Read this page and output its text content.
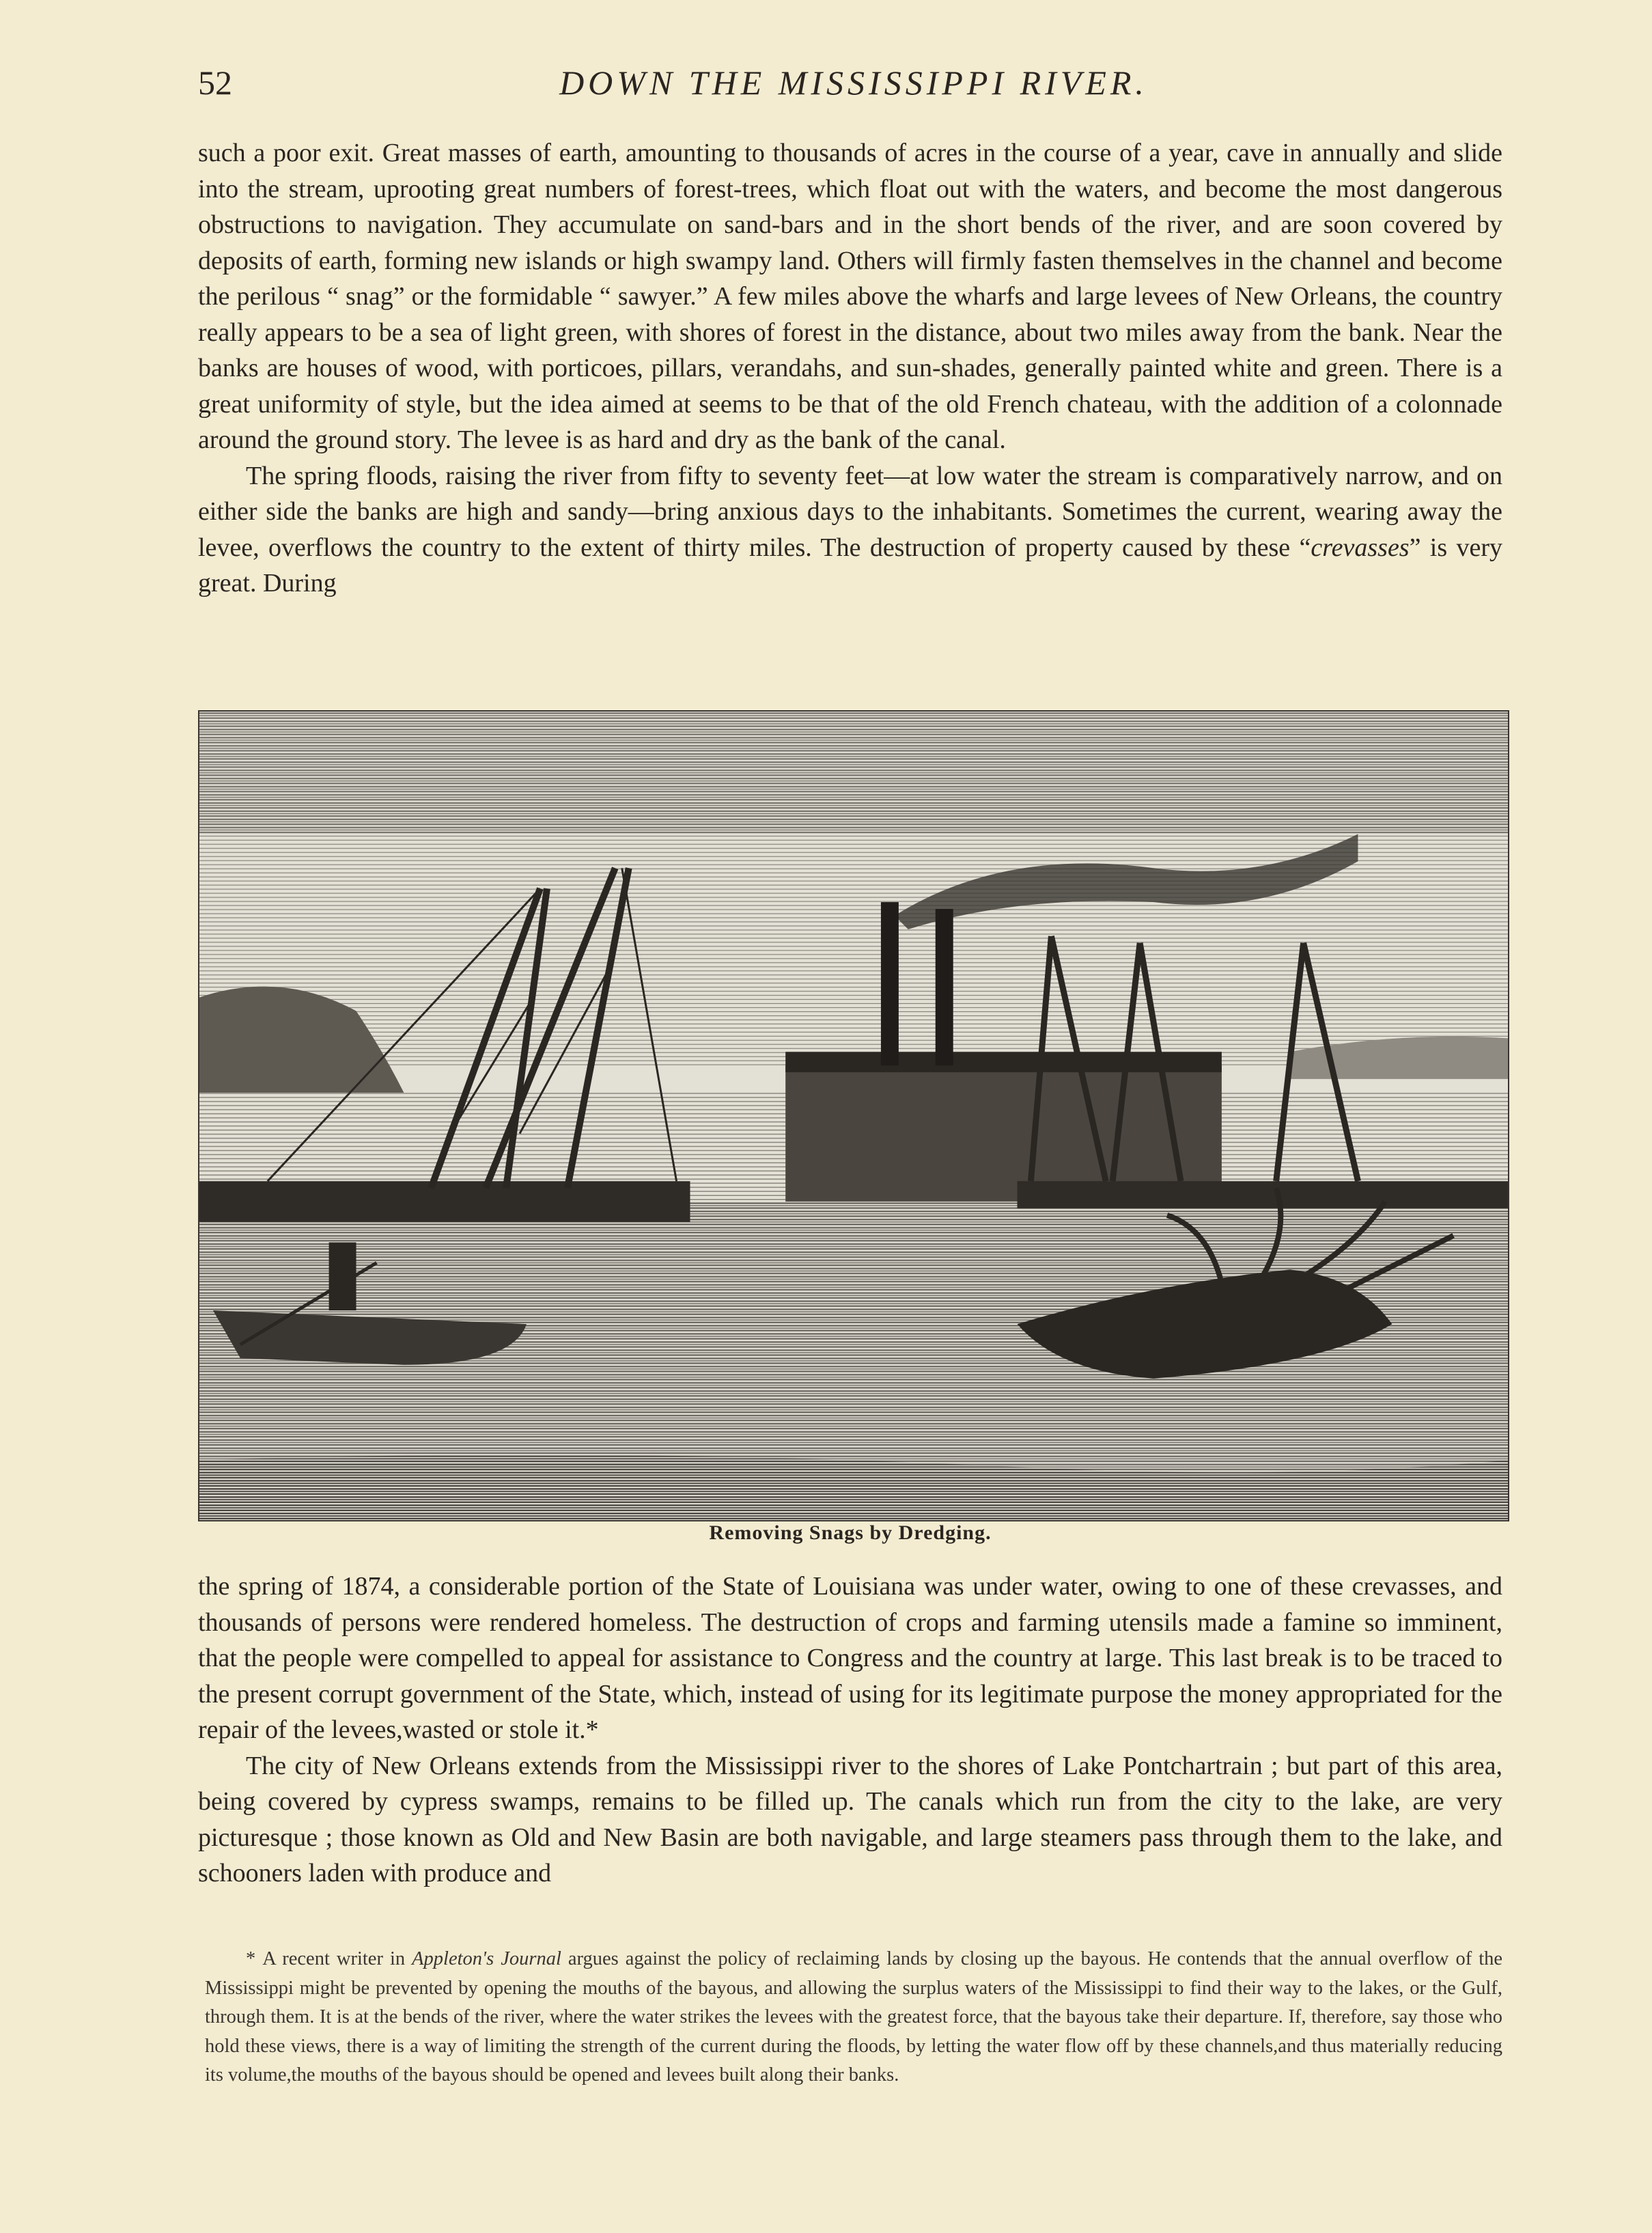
52	DOWN THE MISSISSIPPI RIVER.

such a poor exit. Great masses of earth, amounting to thousands of acres in the course of a year, cave in annually and slide into the stream, uprooting great numbers of forest-trees, which float out with the waters, and become the most dangerous obstructions to navigation. They accumulate on sand-bars and in the short bends of the river, and are soon covered by deposits of earth, forming new islands or high swampy land. Others will firmly fasten themselves in the channel and become the perilous “ snag” or the formidable “ sawyer.” A few miles above the wharfs and large levees of New Orleans, the country really appears to be a sea of light green, with shores of forest in the distance, about two miles away from the bank. Near the banks are houses of wood, with porticoes, pillars, verandahs, and sun-shades, generally painted white and green. There is a great uniformity of style, but the idea aimed at seems to be that of the old French chateau, with the addition of a colonnade around the ground story. The levee is as hard and dry as the bank of the canal.

The spring floods, raising the river from fifty to seventy feet—at low water the stream is comparatively narrow, and on either side the banks are high and sandy—bring anxious days to the inhabitants. Sometimes the current, wearing away the levee, overflows the country to the extent of thirty miles. The destruction of property caused by these “crevasses” is very great. During

Removing Snags by Dredging.

the spring of 1874, a considerable portion of the State of Louisiana was under water, owing to one of these crevasses, and thousands of persons were rendered homeless. The destruction of crops and farming utensils made a famine so imminent, that the people were compelled to appeal for assistance to Congress and the country at large. This last break is to be traced to the present corrupt government of the State, which, instead of using for its legitimate purpose the money appropriated for the repair of the levees,wasted or stole it.*

The city of New Orleans extends from the Mississippi river to the shores of Lake Pontchartrain ; but part of this area, being covered by cypress swamps, remains to be filled up. The canals which run from the city to the lake, are very picturesque ; those known as Old and New Basin are both navigable, and large steamers pass through them to the lake, and schooners laden with produce and

* A recent writer in Appleton's Journal argues against the policy of reclaiming lands by closing up the bayous. He contends that the annual overflow of the Mississippi might be prevented by opening the mouths of the bayous, and allowing the surplus waters of the Mississippi to find their way to the lakes, or the Gulf, through them. It is at the bends of the river, where the water strikes the levees with the greatest force, that the bayous take their departure. If, therefore, say those who hold these views, there is a way of limiting the strength of the current during the floods, by letting the water flow off by these channels,and thus materially reducing its volume,the mouths of the bayous should be opened and levees built along their banks.
